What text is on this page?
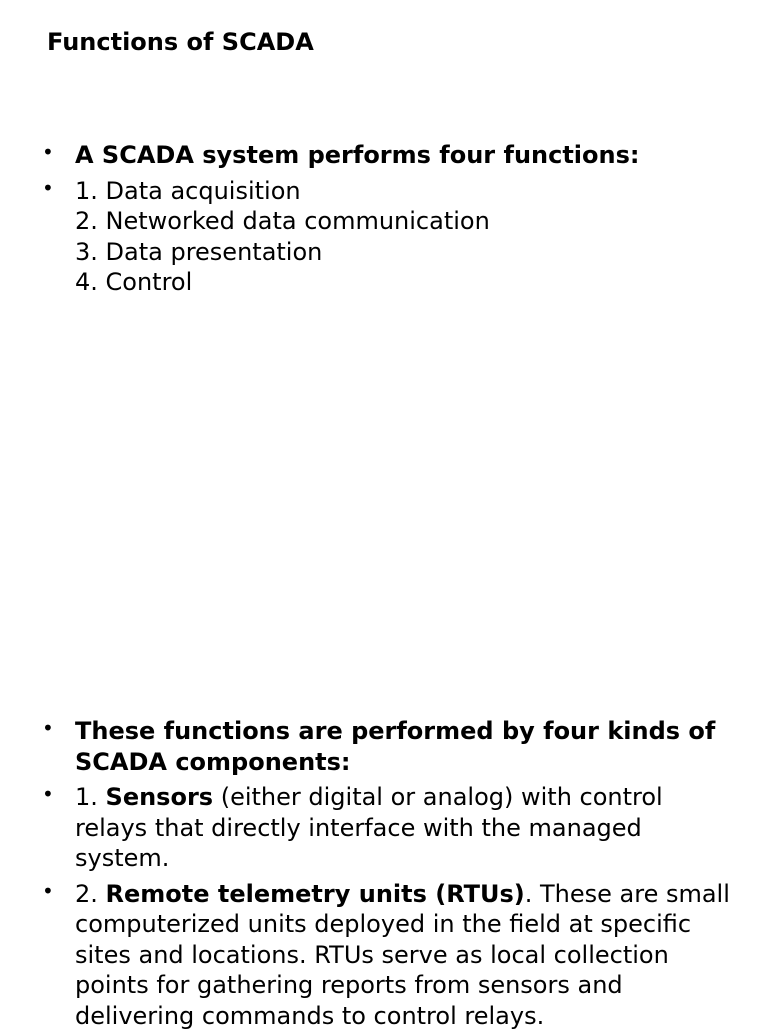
Functions of SCADA
• A SCADA system performs four functions:
• 1. Data acquisition
2. Networked data communication
3. Data presentation
4. Control
• These functions are performed by four kinds of SCADA components:
• 1. Sensors (either digital or analog) with control relays that directly interface with the managed system.
• 2. Remote telemetry units (RTUs). These are small computerized units deployed in the field at specific sites and locations. RTUs serve as local collection points for gathering reports from sensors and delivering commands to control relays.
